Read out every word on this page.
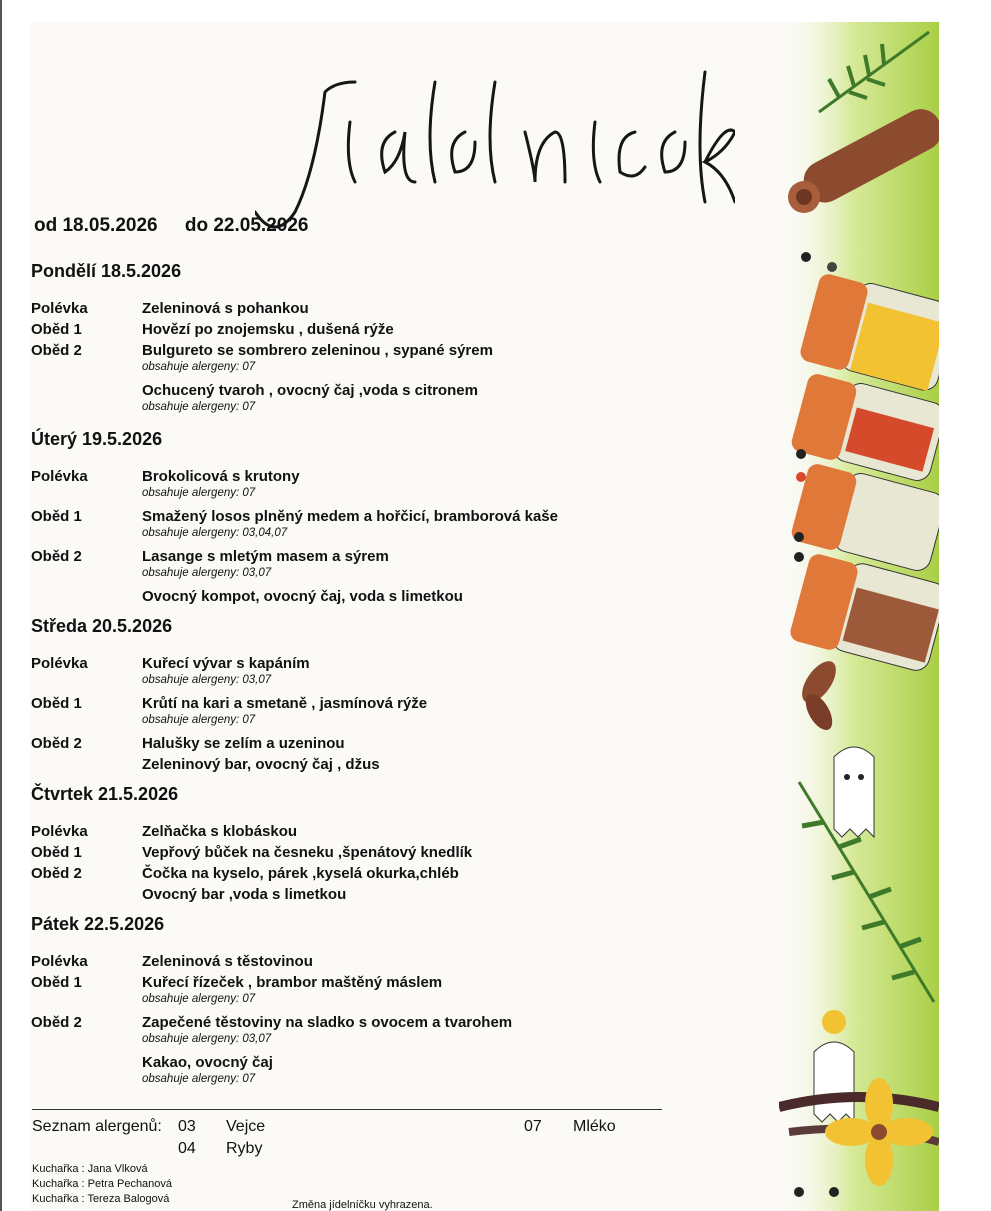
od 18.05.2026 do 22.05.2026
Pondělí 18.5.2026
Polévka	Zeleninová s pohankou
Oběd 1	Hovězí po znojemsku , dušená rýže
Oběd 2	Bulgureto se sombrero zeleninou , sypané sýrem
obsahuje alergeny: 07
Ochucený tvaroh , ovocný čaj ,voda s citronem
obsahuje alergeny: 07
Úterý 19.5.2026
Polévka	Brokolicová s krutony
obsahuje alergeny: 07
Oběd 1	Smažený losos plněný medem a hořčicí, bramborová kaše
obsahuje alergeny: 03,04,07
Oběd 2	Lasange s mletým masem a sýrem
obsahuje alergeny: 03,07
Ovocný kompot, ovocný čaj, voda s limetkou
Středa 20.5.2026
Polévka	Kuřecí vývar s kapáním
obsahuje alergeny: 03,07
Oběd 1	Krůtí na kari a smetaně , jasmínová rýže
obsahuje alergeny: 07
Oběd 2	Halušky se zelím a uzeninou
Zeleninový bar, ovocný čaj , džus
Čtvrtek 21.5.2026
Polévka	Zelňačka s klobáskou
Oběd 1	Vepřový bůček na česneku ,špenátový knedlík
Oběd 2	Čočka na kyselo, párek ,kyselá okurka,chléb
Ovocný bar ,voda s limetkou
Pátek 22.5.2026
Polévka	Zeleninová s těstovinou
Oběd 1	Kuřecí řízeček , brambor maštěný máslem
obsahuje alergeny: 07
Oběd 2	Zapečené těstoviny na sladko s ovocem a tvarohem
obsahuje alergeny: 03,07
Kakao, ovocný čaj
obsahuje alergeny: 07
Seznam alergenů: 03 Vejce
04 Ryby
07 Mléko
Kuchařka : Jana Vlková
Kuchařka : Petra Pechanová
Kuchařka : Tereza Balogová	Změna jídelníčku vyhrazena.
